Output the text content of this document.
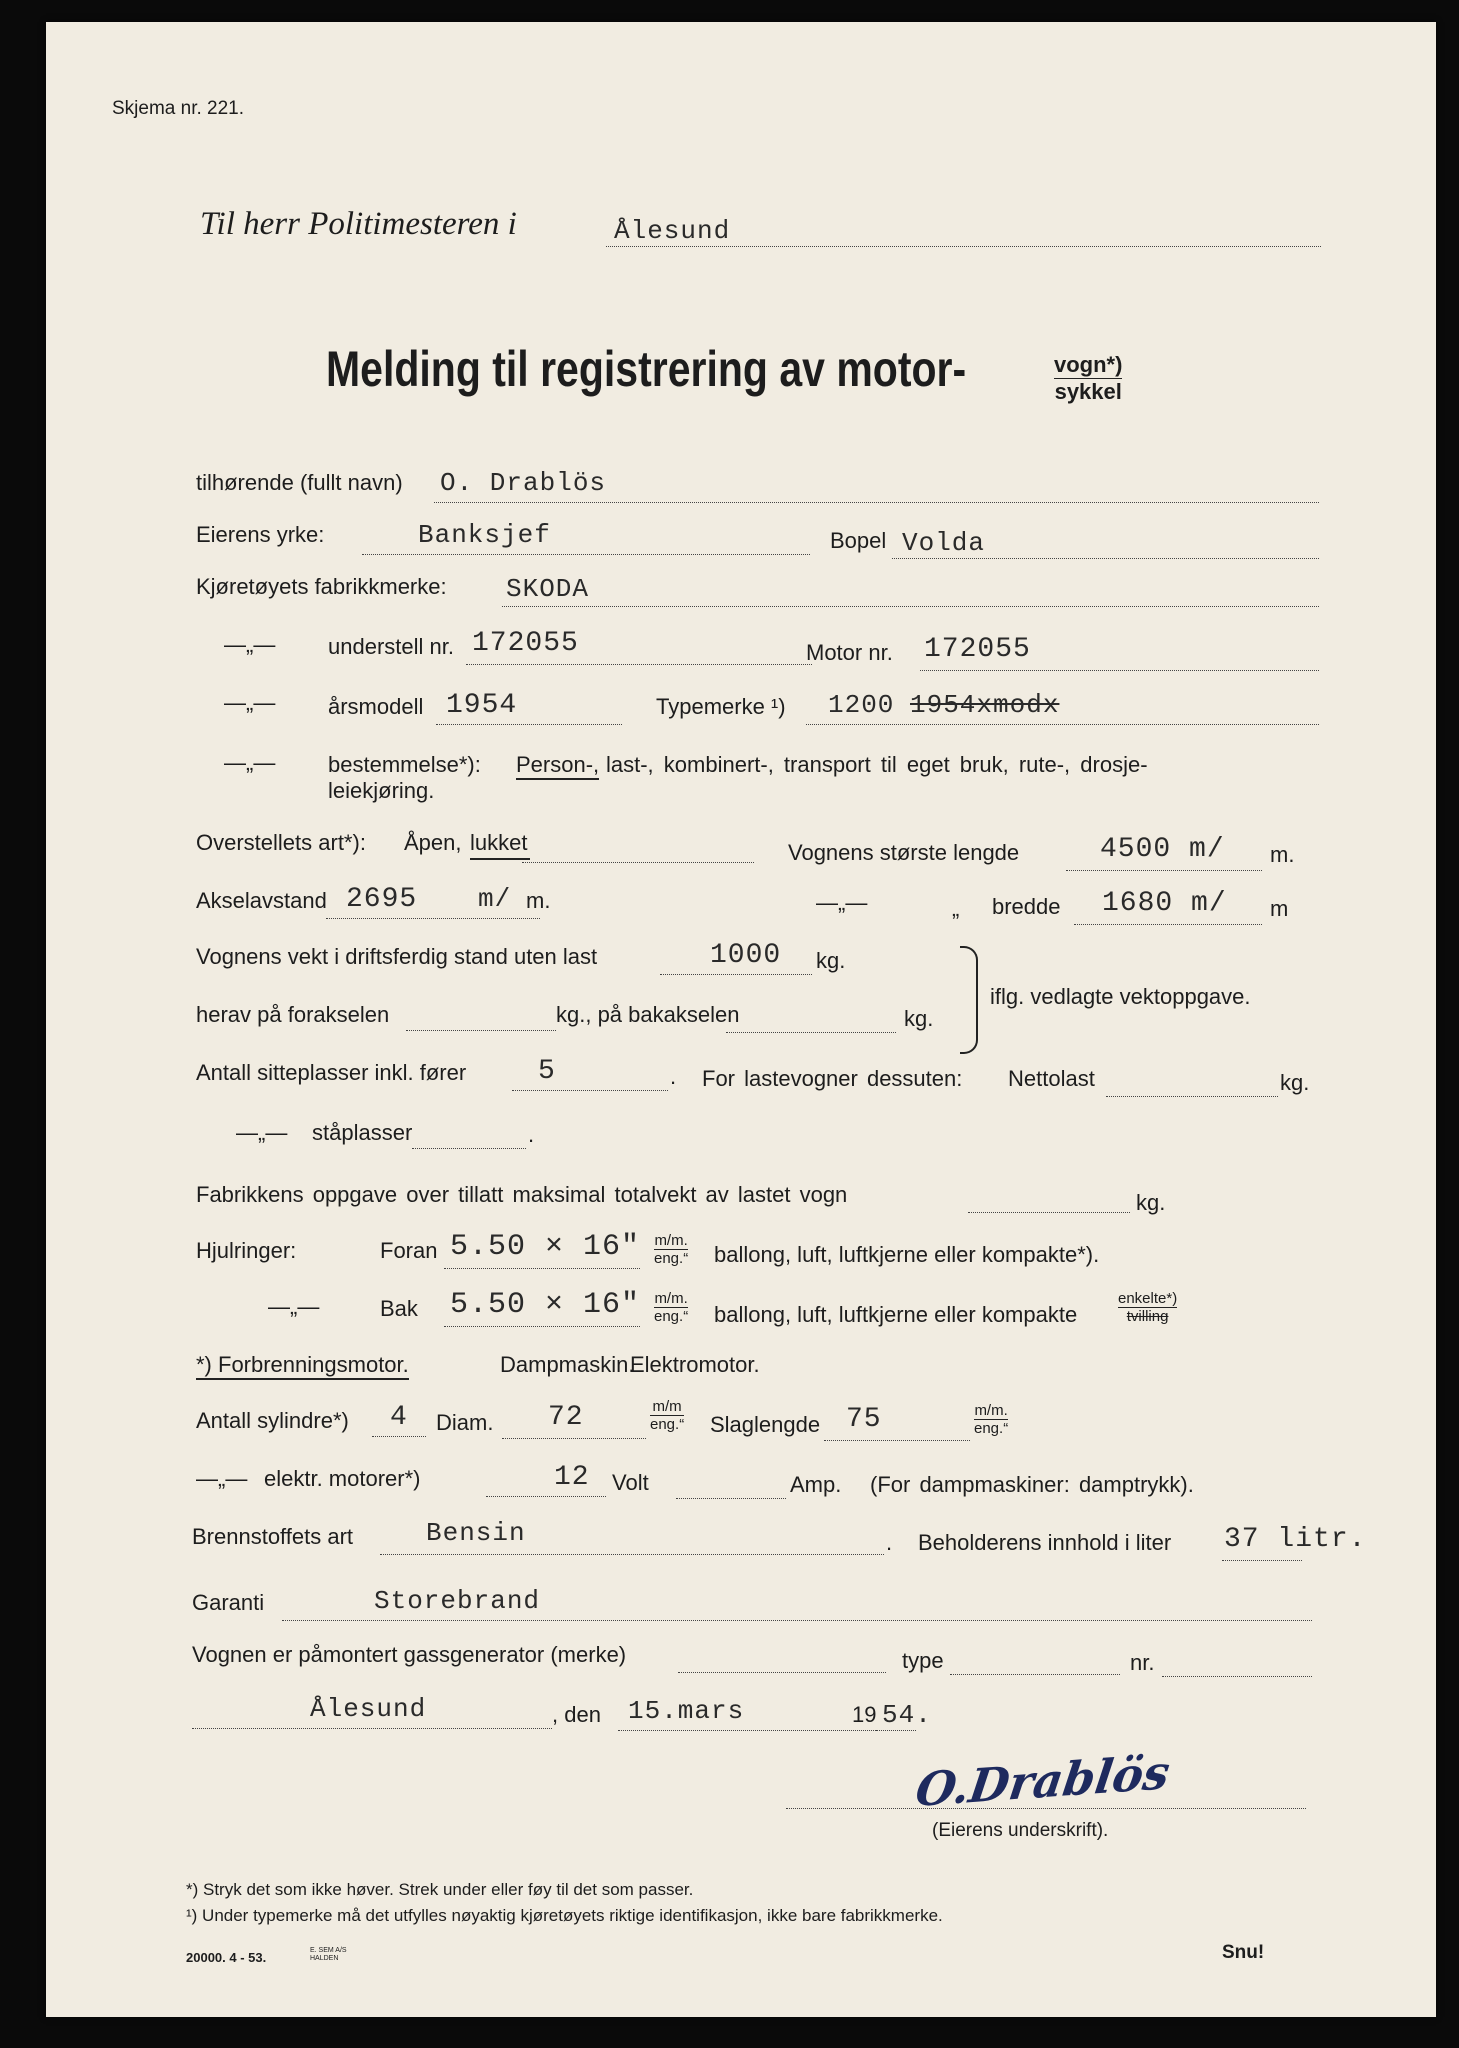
Skjema nr. 221.
Til herr Politimesteren i	Ålesund
Melding til registrering av motor-	vogn*)
sykkel
tilhørende (fullt navn) O. Drablös
Eierens yrke:	Banksjef	Bopel Volda
Kjøretøyets fabrikkmerke: SKODA
—„— understell nr. 172055	Motor nr. 172055
—„— årsmodell 1954	Typemerke ¹) 1200 1954xmodx
—„— bestemmelse*): Person-, last-, kombinert-, transport til eget bruk, rute-, drosje-
leiekjøring.
Overstellets art*): Åpen, lukket	Vognens største lengde	4500 m/ m.
Akselavstand 2695 m/ m.	—„—	„ bredde 1680 m/ m
Vognens vekt i driftsferdig stand uten last	1000 kg.
herav på forakselen	kg., på bakakselen	kg.
iflg. vedlagte vektoppgave.
Antall sitteplasser inkl. fører	5	. For lastevogner dessuten: Nettolast	kg.
—„— ståplasser	.
Fabrikkens oppgave over tillatt maksimal totalvekt av lastet vogn	kg.
Hjulringer:	Foran 5.50 × 16" m/m.
eng.“ ballong, luft, luftkjerne eller kompakte*).
—„—	Bak 5.50 × 16" m/m.
eng.“ ballong, luft, luftkjerne eller kompakte
enkelte*)
tvilling
*) Forbrenningsmotor.	Dampmaskin.
Elektromotor.
Antall sylindre*) 4 Diam. 72	m/m
eng.“ Slaglengde 75	m/m.
eng.“
—„— elektr. motorer*)	12 Volt	Amp. (For dampmaskiner: damptrykk).
Brennstoffets art	Bensin	. Beholderens innhold i liter 37 litr.
Garanti	Storebrand
Vognen er påmontert gassgenerator (merke)	type	nr.
Ålesund	, den 15.mars	19 54.
O.Drablös
(Eierens underskrift).
*) Stryk det som ikke høver. Strek under eller føy til det som passer.
¹) Under typemerke må det utfylles nøyaktig kjøretøyets riktige identifikasjon, ikke bare fabrikkmerke.
20000. 4 - 53.	E. SEM A/S HALDEN	Snu!
